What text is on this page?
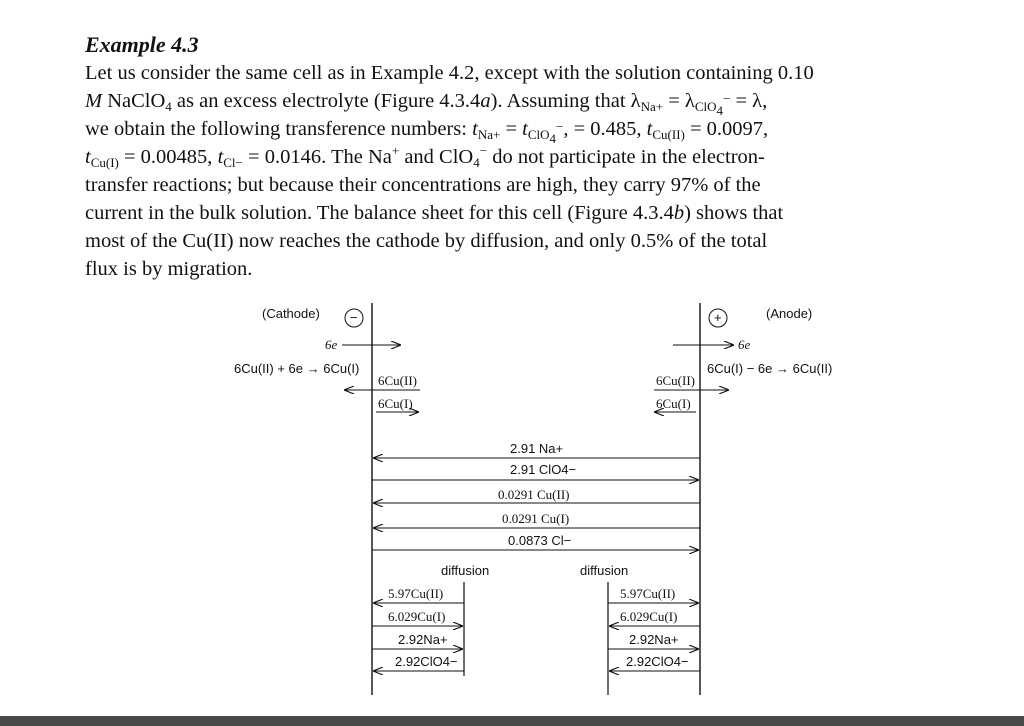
Example 4.3
Let us consider the same cell as in Example 4.2, except with the solution containing 0.10
M NaClO$_4$ as an excess electrolyte (Figure 4.3.4a). Assuming that $\lambda_{Na+} = \lambda_{ClO_4^-} = \lambda$,
we obtain the following transference numbers: $t_{Na+} = t_{ClO_4^-}$, = 0.485, $t_{Cu(II)} = 0.0097$,
$t_{Cu(I)} = 0.00485$, $t_{Cl-} = 0.0146$. The Na+ and ClO$_4$− do not participate in the electron-
transfer reactions; but because their concentrations are high, they carry 97% of the
current in the bulk solution. The balance sheet for this cell (Figure 4.3.4b) shows that
most of the Cu(II) now reaches the cathode by diffusion, and only 0.5% of the total
flux is by migration.
(Cathode) −	+	(Anode)
6e	6e
6Cu(II) + 6e → 6Cu(I)	6Cu(I) − 6e → 6Cu(II)
6Cu(II)
6Cu(I)
6Cu(II)
6Cu(I)
2.91 Na+
2.91 ClO4−
0.0291 Cu(II)
0.0291 Cu(I)
0.0873 Cl−
diffusion	diffusion
5.97Cu(II)
6.029Cu(I)
2.92Na+
2.92ClO4−
5.97Cu(II)
6.029Cu(I)
2.92Na+
2.92ClO4−
